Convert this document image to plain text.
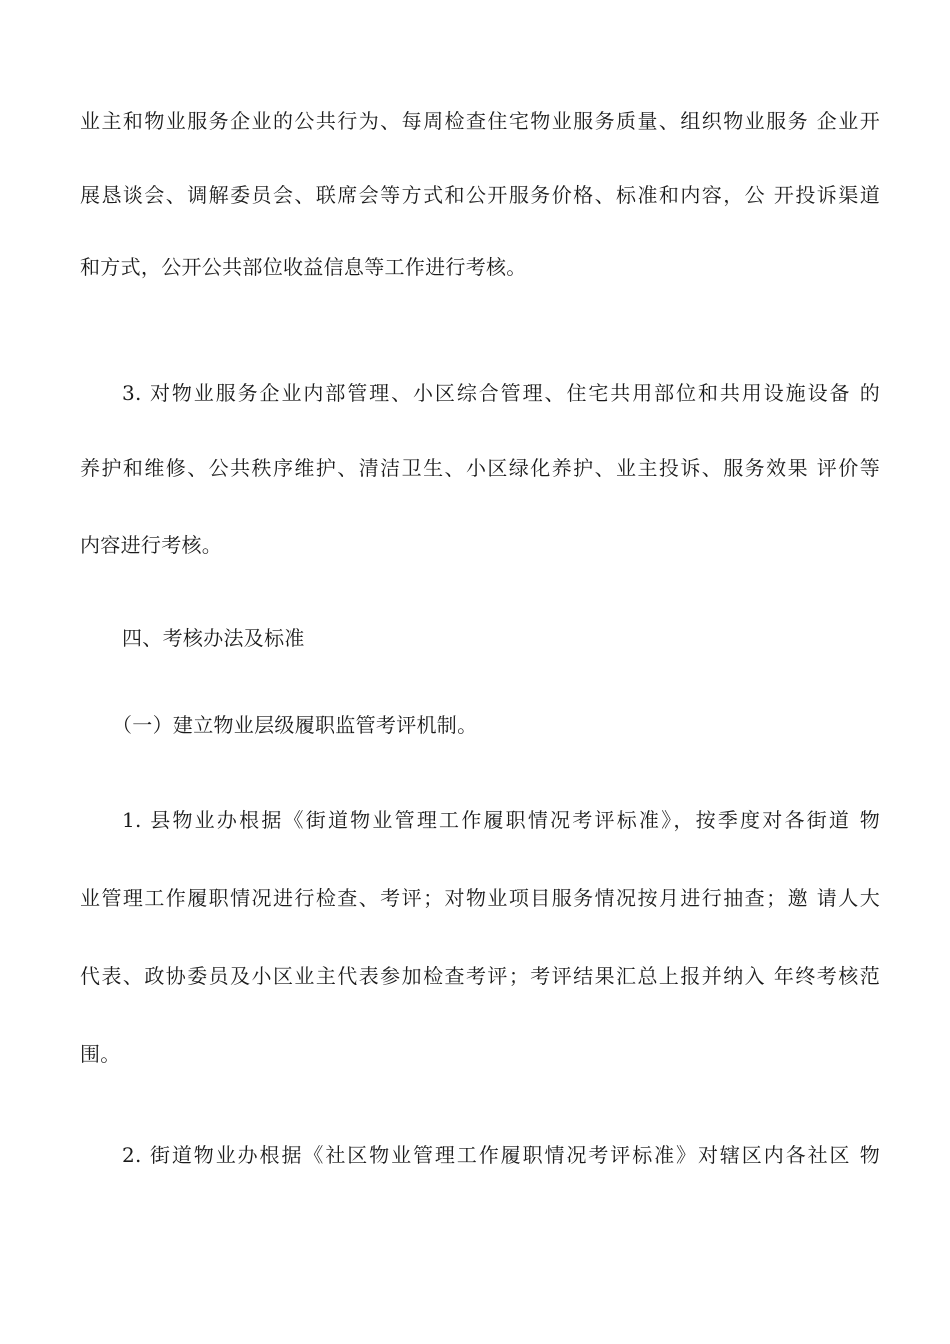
业主和物业服务企业的公共行为、每周检查住宅物业服务质量、组织物业服务 企业开
展恳谈会、调解委员会、联席会等方式和公开服务价格、标准和内容，公 开投诉渠道
和方式，公开公共部位收益信息等工作进行考核。
3. 对物业服务企业内部管理、小区综合管理、住宅共用部位和共用设施设备 的
养护和维修、公共秩序维护、清洁卫生、小区绿化养护、业主投诉、服务效果 评价等
内容进行考核。
四、考核办法及标准
（一）建立物业层级履职监管考评机制。
1. 县物业办根据《街道物业管理工作履职情况考评标准》，按季度对各街道 物
业管理工作履职情况进行检查、考评；对物业项目服务情况按月进行抽查；邀 请人大
代表、政协委员及小区业主代表参加检查考评；考评结果汇总上报并纳入 年终考核范
围。
2. 街道物业办根据《社区物业管理工作履职情况考评标准》对辖区内各社区 物
